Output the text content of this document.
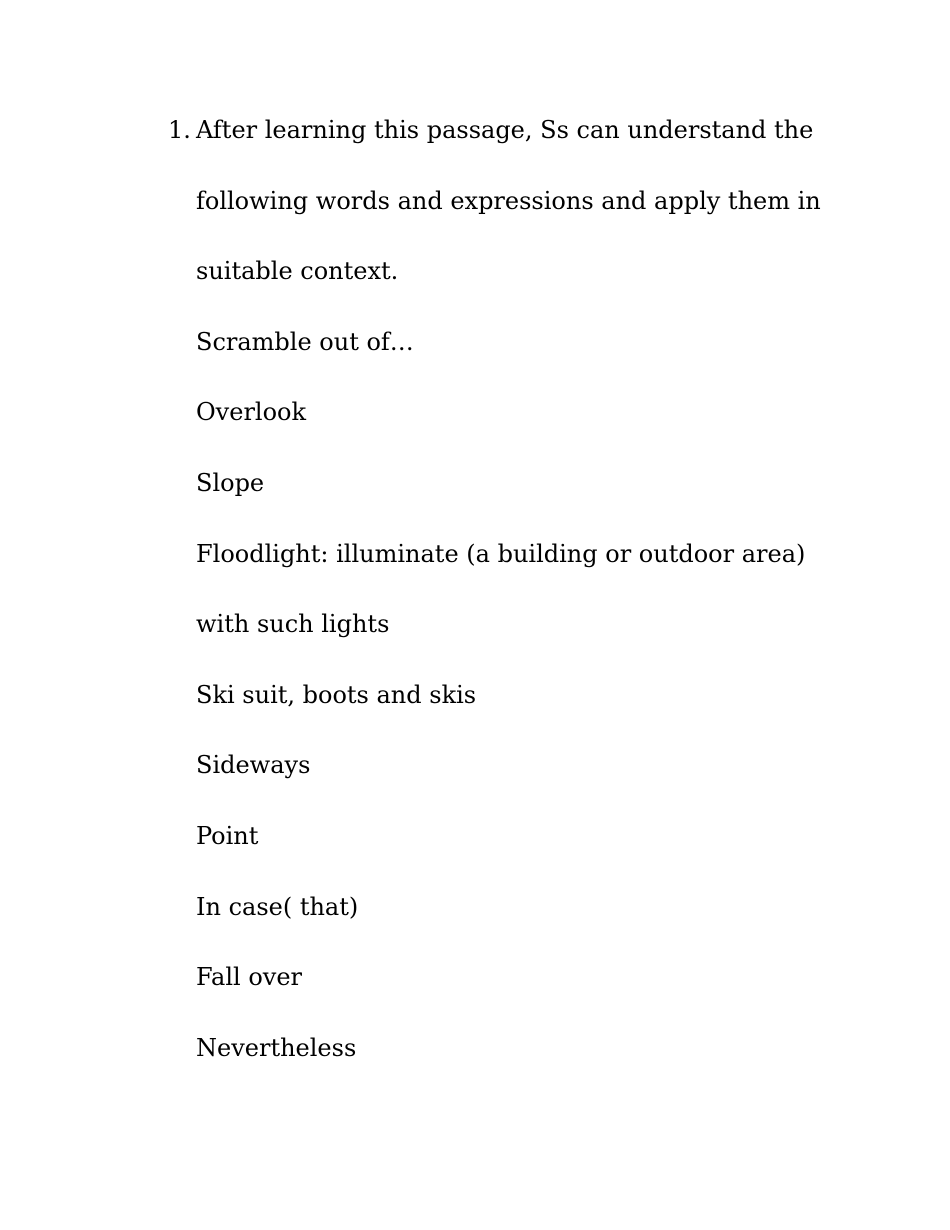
1. After learning this passage, Ss can understand the
following words and expressions and apply them in
suitable context.
Scramble out of…
Overlook
Slope
Floodlight: illuminate (a building or outdoor area)
with such lights
Ski suit, boots and skis
Sideways
Point
In case( that)
Fall over
Nevertheless
